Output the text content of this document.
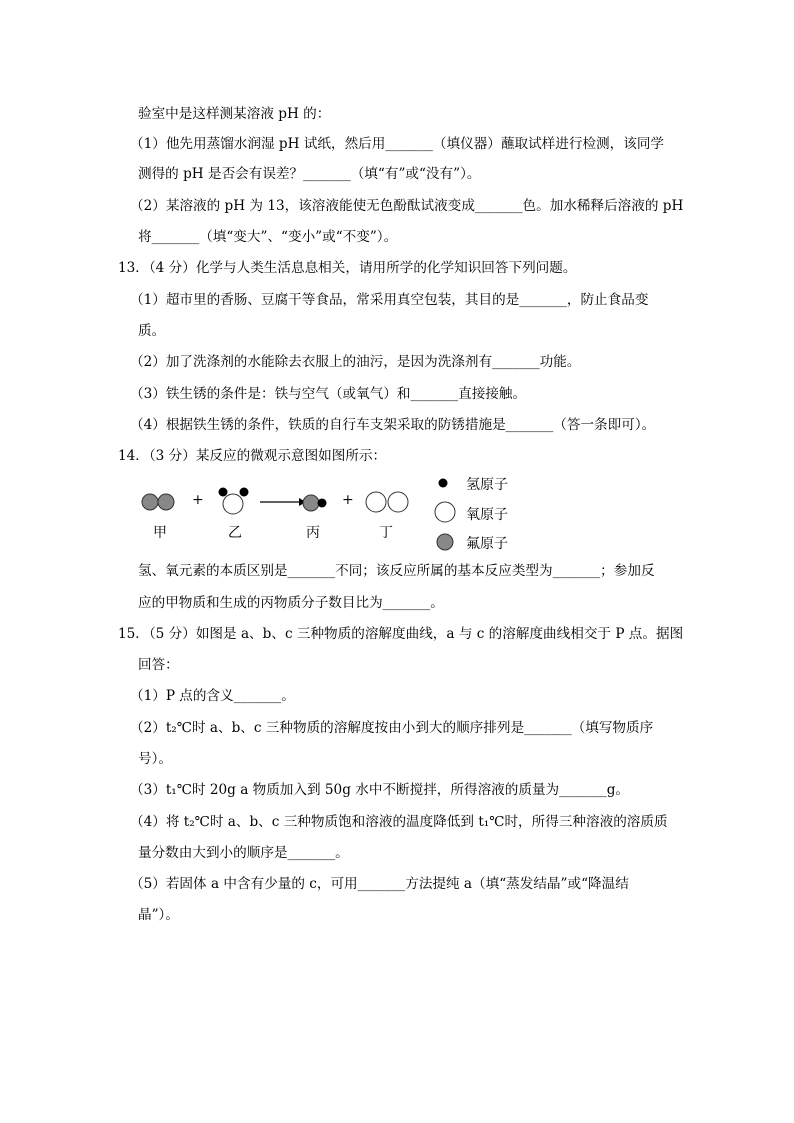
验室中是这样测某溶液 pH 的：
（1）他先用蒸馏水润湿 pH 试纸，然后用_______（填仪器）蘸取试样进行检测，该同学
测得的 pH 是否会有误差？_______（填“有”或“没有”）。
（2）某溶液的 pH 为 13，该溶液能使无色酚酞试液变成_______色。加水稀释后溶液的 pH
将_______（填“变大”、“变小”或“不变”）。
13．（4 分）化学与人类生活息息相关，请用所学的化学知识回答下列问题。
（1）超市里的香肠、豆腐干等食品，常采用真空包装，其目的是_______，防止食品变
质。
（2）加了洗涤剂的水能除去衣服上的油污，是因为洗涤剂有_______功能。
（3）铁生锈的条件是：铁与空气（或氧气）和_______直接接触。
（4）根据铁生锈的条件，铁质的自行车支架采取的防锈措施是_______（答一条即可）。
14．（3 分）某反应的微观示意图如图所示：
+	+
甲	乙	丙	丁
氢原子
氧原子
氟原子
氢、氧元素的本质区别是_______不同；该反应所属的基本反应类型为_______；参加反
应的甲物质和生成的丙物质分子数目比为_______。
15．（5 分）如图是 a、b、c 三种物质的溶解度曲线，a 与 c 的溶解度曲线相交于 P 点。据图
回答：
（1）P 点的含义_______。
（2）t₂℃时 a、b、c 三种物质的溶解度按由小到大的顺序排列是_______（填写物质序
号）。
（3）t₁℃时 20g a 物质加入到 50g 水中不断搅拌，所得溶液的质量为_______g。
（4）将 t₂℃时 a、b、c 三种物质饱和溶液的温度降低到 t₁℃时，所得三种溶液的溶质质
量分数由大到小的顺序是_______。
（5）若固体 a 中含有少量的 c，可用_______方法提纯 a（填“蒸发结晶”或“降温结
晶”）。
